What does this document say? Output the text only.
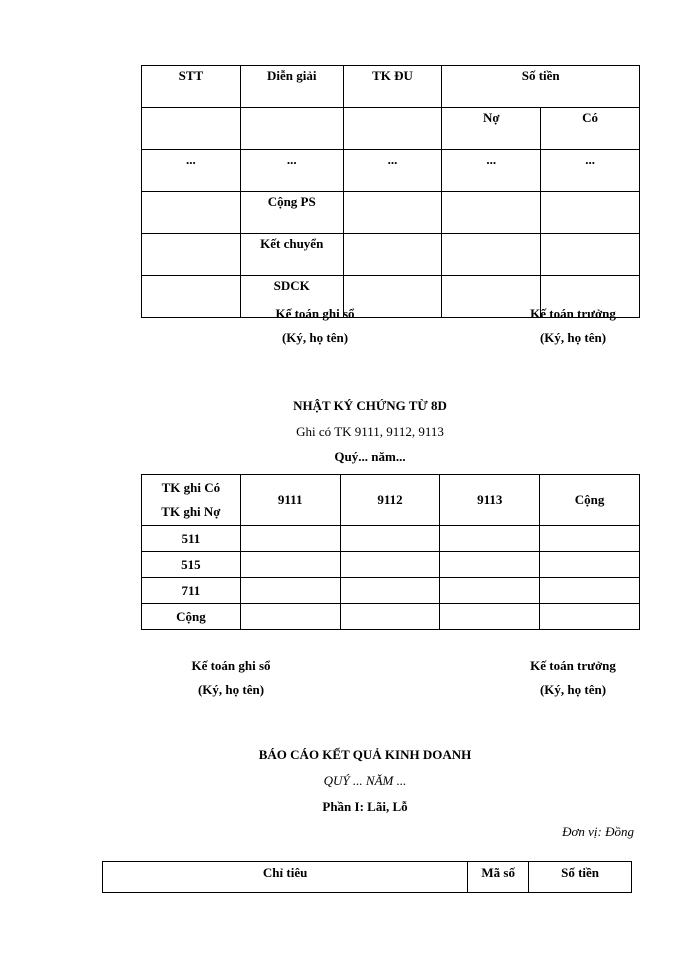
STT	Diễn giải	TK ĐU	Số tiền	
			Nợ	Có
...	...	...	...	...
	Cộng PS			
	Kết chuyển			
	SDCK			
Kế toán ghi sổ
(Ký, họ tên)
Kế toán trưởng
(Ký, họ tên)
NHẬT KÝ CHỨNG TỪ 8D
Ghi có TK 9111, 9112, 9113
Quý... năm...
TK ghi Có
TK ghi Nợ	9111	9112	9113	Cộng
511				
515				
711				
Cộng				
Kế toán ghi sổ
(Ký, họ tên)
Kế toán trưởng
(Ký, họ tên)
BÁO CÁO KẾT QUẢ KINH DOANH
QUÝ ... NĂM ...
Phần I: Lãi, Lỗ
Đơn vị: Đồng
Chỉ tiêu	Mã số	Số tiền
